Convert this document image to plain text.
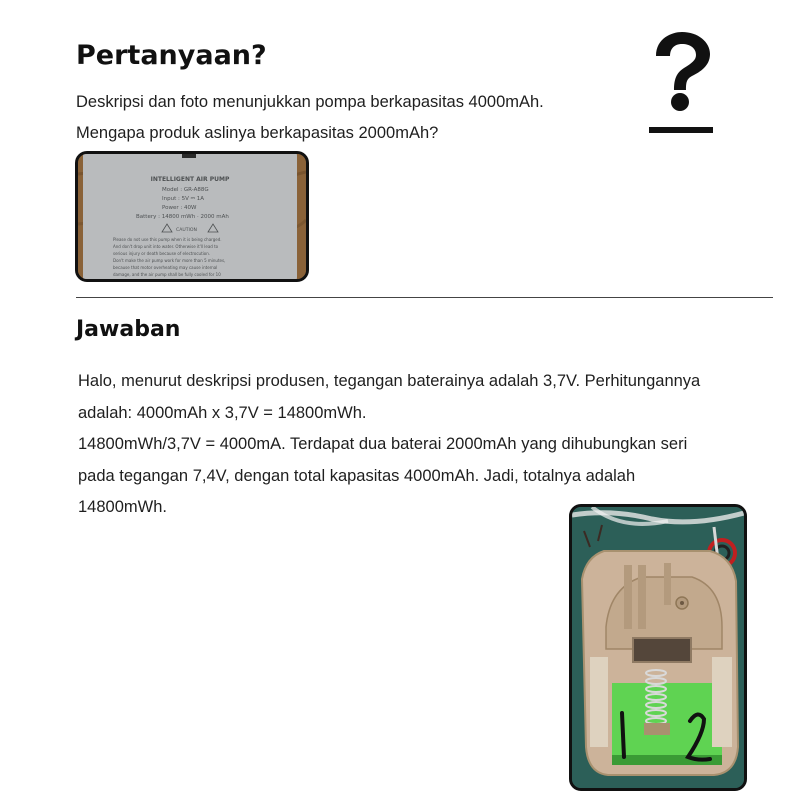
Pertanyaan?

Deskripsi dan foto menunjukkan pompa berkapasitas 4000mAh.

Mengapa produk aslinya berkapasitas 2000mAh?

INTELLIGENT AIR PUMP
Model : GR-A88G
Input : 5V ⎓ 1A
Power : 40W
Battery : 14800 mWh · 2000 mAh
CAUTION
Please do not use this pump when it is being charged.
And don't drop unit into water. Otherwise it'll lead to
serious injury or death because of electrocution.
Don't make the air pump work for more than 5 minutes,
because that motor overheating may cause internal
damage, and the air pump shall be fully cooled for 10
Jawaban
Halo, menurut deskripsi produsen, tegangan baterainya adalah 3,7V. Perhitungannya
adalah: 4000mAh x 3,7V = 14800mWh.
14800mWh/3,7V = 4000mA. Terdapat dua baterai 2000mAh yang dihubungkan seri
pada tegangan 7,4V, dengan total kapasitas 4000mAh. Jadi, totalnya adalah
14800mWh.
